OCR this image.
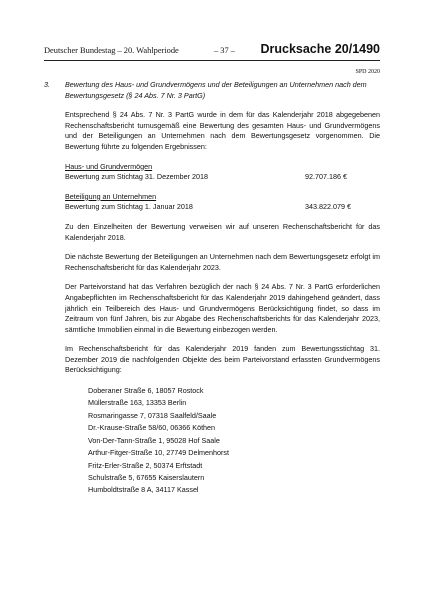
Deutscher Bundestag – 20. Wahlperiode	– 37 – Drucksache 20/1490
SPD 2020
3. Bewertung des Haus- und Grundvermögens und der Beteiligungen an Unternehmen nach dem Bewertungsgesetz (§ 24 Abs. 7 Nr. 3 PartG)

Entsprechend § 24 Abs. 7 Nr. 3 PartG wurde in dem für das Kalenderjahr 2018 abgegebenen Rechenschaftsbericht turnusgemäß eine Bewertung des gesamten Haus- und Grundvermögens und der Beteiligungen an Unternehmen nach dem Bewertungsgesetz vorgenommen. Die Bewertung führte zu folgenden Ergebnissen:

Haus- und Grundvermögen
Bewertung zum Stichtag 31. Dezember 2018	92.707.186 €
Beteiligung an Unternehmen
Bewertung zum Stichtag 1. Januar 2018	343.822.079 €

Zu den Einzelheiten der Bewertung verweisen wir auf unseren Rechenschaftsbericht für das Kalenderjahr 2018.

Die nächste Bewertung der Beteiligungen an Unternehmen nach dem Bewertungsgesetz erfolgt im Rechenschaftsbericht für das Kalenderjahr 2023.

Der Parteivorstand hat das Verfahren bezüglich der nach § 24 Abs. 7 Nr. 3 PartG erforderlichen Angabepflichten im Rechenschaftsbericht für das Kalenderjahr 2019 dahingehend geändert, dass jährlich ein Teilbereich des Haus- und Grundvermögens Berücksichtigung findet, so dass im Zeitraum von fünf Jahren, bis zur Abgabe des Rechenschaftsberichts für das Kalenderjahr 2023, sämtliche Immobilien einmal in die Bewertung einbezogen werden.

Im Rechenschaftsbericht für das Kalenderjahr 2019 fanden zum Bewertungsstichtag 31. Dezember 2019 die nachfolgenden Objekte des beim Parteivorstand erfassten Grundvermögens Berücksichtigung:

Doberaner Straße 6, 18057 Rostock
Müllerstraße 163, 13353 Berlin
Rosmaringasse 7, 07318 Saalfeld/Saale
Dr.-Krause-Straße 58/60, 06366 Köthen
Von-Der-Tann-Straße 1, 95028 Hof Saale
Arthur-Fitger-Straße 10, 27749 Delmenhorst
Fritz-Erler-Straße 2, 50374 Erftstadt
Schulstraße 5, 67655 Kaiserslautern
Humboldtstraße 8 A, 34117 Kassel
